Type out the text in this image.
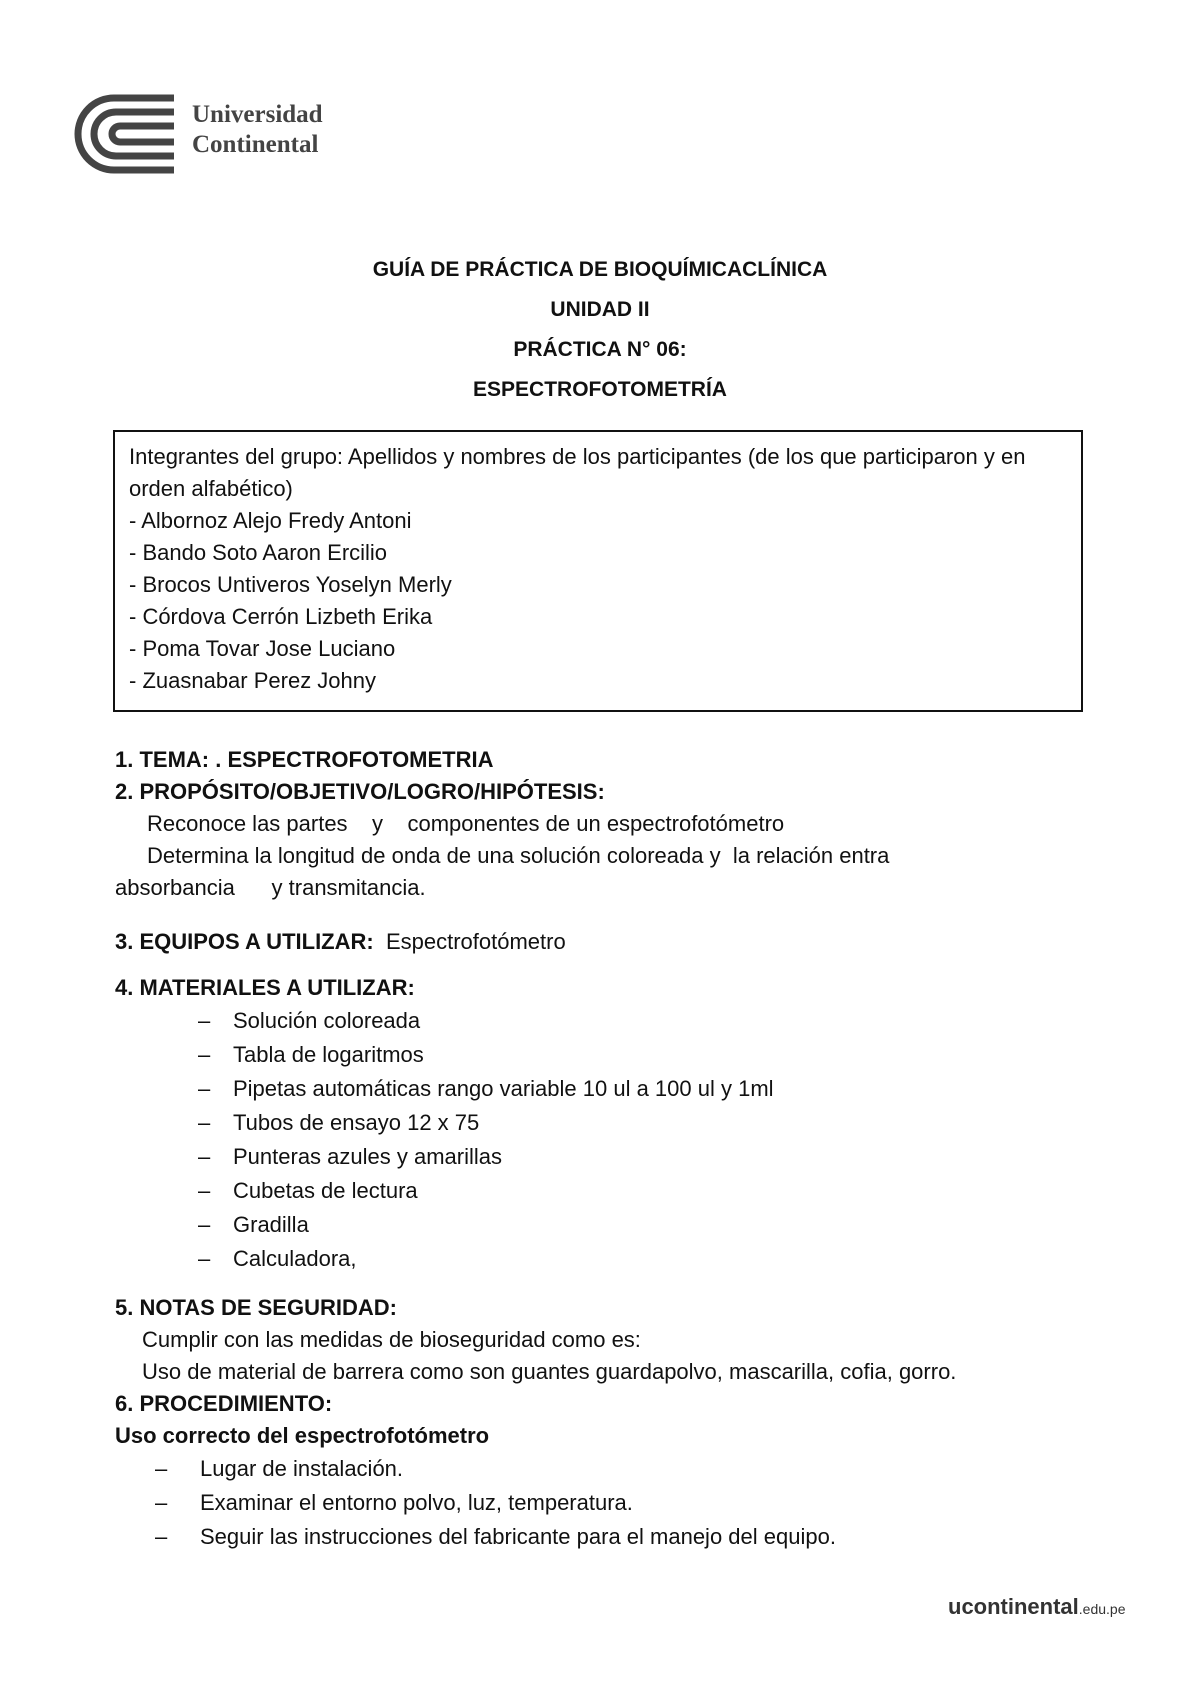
Universidad
Continental
GUÍA DE PRÁCTICA DE BIOQUÍMICACLÍNICA
UNIDAD II
PRÁCTICA N° 06:
ESPECTROFOTOMETRÍA

Integrantes del grupo: Apellidos y nombres de los participantes (de los que participaron y en orden alfabético)

- Albornoz Alejo Fredy Antoni

- Bando Soto Aaron Ercilio

- Brocos Untiveros Yoselyn Merly

- Córdova Cerrón Lizbeth Erika

- Poma Tovar Jose Luciano

- Zuasnabar Perez Johny

1. TEMA: . ESPECTROFOTOMETRIA
2. PROPÓSITO/OBJETIVO/LOGRO/HIPÓTESIS:
Reconoce las partes    y    componentes de un espectrofotómetro
Determina la longitud de onda de una solución coloreada y  la relación entra
absorbancia      y transmitancia.
3. EQUIPOS A UTILIZAR: Espectrofotómetro
4. MATERIALES A UTILIZAR:
– Solución coloreada
– Tabla de logaritmos
– Pipetas automáticas rango variable 10 ul a 100 ul y 1ml
– Tubos de ensayo 12 x 75
– Punteras azules y amarillas
– Cubetas de lectura
– Gradilla
– Calculadora,
5. NOTAS DE SEGURIDAD:
Cumplir con las medidas de bioseguridad como es:
Uso de material de barrera como son guantes guardapolvo, mascarilla, cofia, gorro.
6. PROCEDIMIENTO:
Uso correcto del espectrofotómetro
– Lugar de instalación.
– Examinar el entorno polvo, luz, temperatura.
– Seguir las instrucciones del fabricante para el manejo del equipo.
ucontinental.edu.pe
